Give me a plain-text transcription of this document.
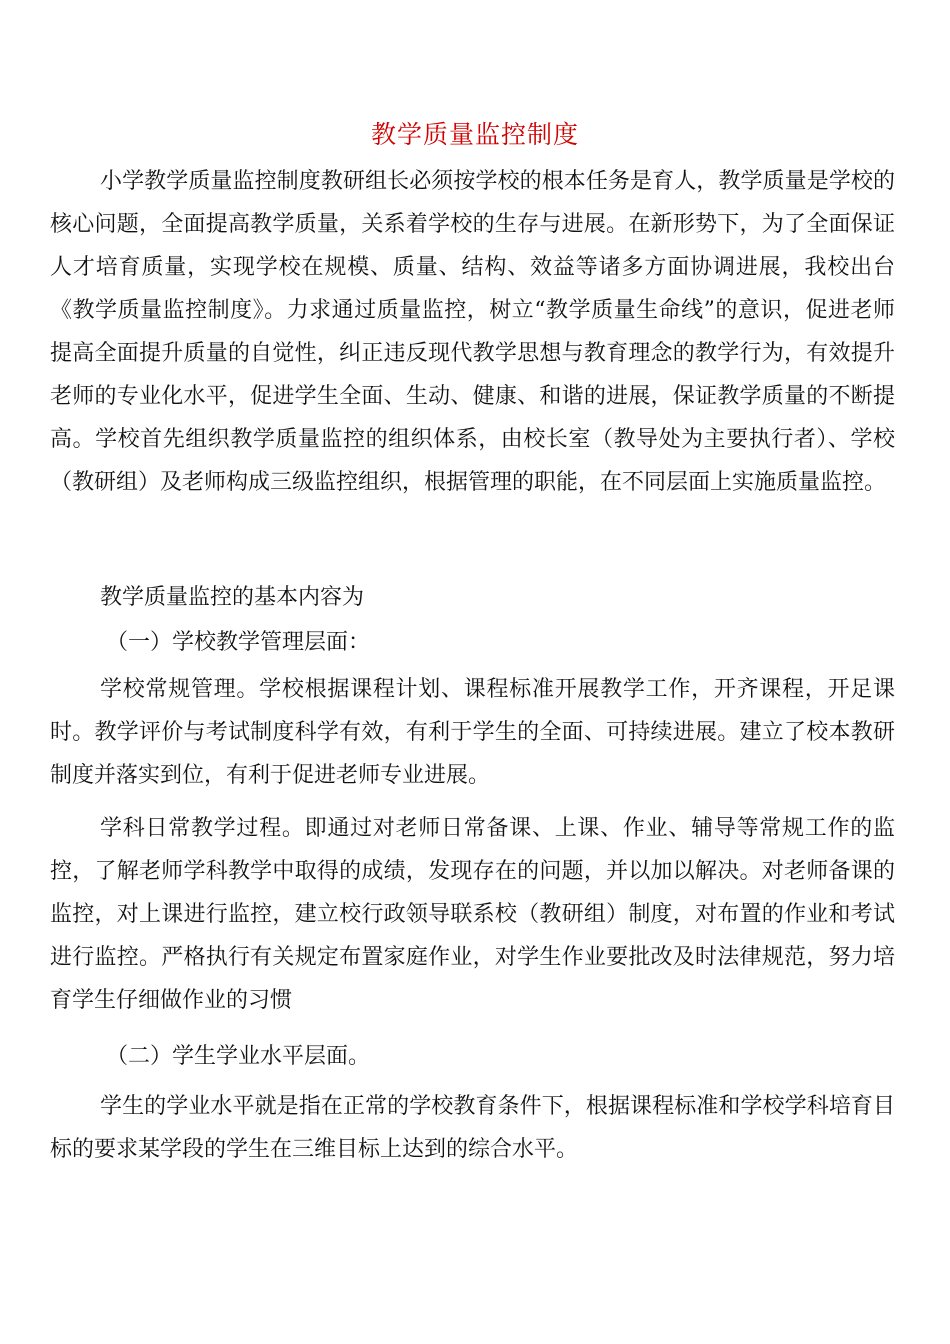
教学质量监控制度

小学教学质量监控制度教研组长必须按学校的根本任务是育人，教学质量是学校的核心问题，全面提高教学质量，关系着学校的生存与进展。在新形势下，为了全面保证人才培育质量，实现学校在规模、质量、结构、效益等诸多方面协调进展，我校出台《教学质量监控制度》。力求通过质量监控，树立“教学质量生命线”的意识，促进老师提高全面提升质量的自觉性，纠正违反现代教学思想与教育理念的教学行为，有效提升老师的专业化水平，促进学生全面、生动、健康、和谐的进展，保证教学质量的不断提高。学校首先组织教学质量监控的组织体系，由校长室（教导处为主要执行者）、学校（教研组）及老师构成三级监控组织，根据管理的职能，在不同层面上实施质量监控。

教学质量监控的基本内容为

（一）学校教学管理层面：

学校常规管理。学校根据课程计划、课程标准开展教学工作，开齐课程，开足课时。教学评价与考试制度科学有效，有利于学生的全面、可持续进展。建立了校本教研制度并落实到位，有利于促进老师专业进展。

学科日常教学过程。即通过对老师日常备课、上课、作业、辅导等常规工作的监控，了解老师学科教学中取得的成绩，发现存在的问题，并以加以解决。对老师备课的监控，对上课进行监控，建立校行政领导联系校（教研组）制度，对布置的作业和考试进行监控。严格执行有关规定布置家庭作业，对学生作业要批改及时法律规范，努力培育学生仔细做作业的习惯

（二）学生学业水平层面。

学生的学业水平就是指在正常的学校教育条件下，根据课程标准和学校学科培育目标的要求某学段的学生在三维目标上达到的综合水平。
